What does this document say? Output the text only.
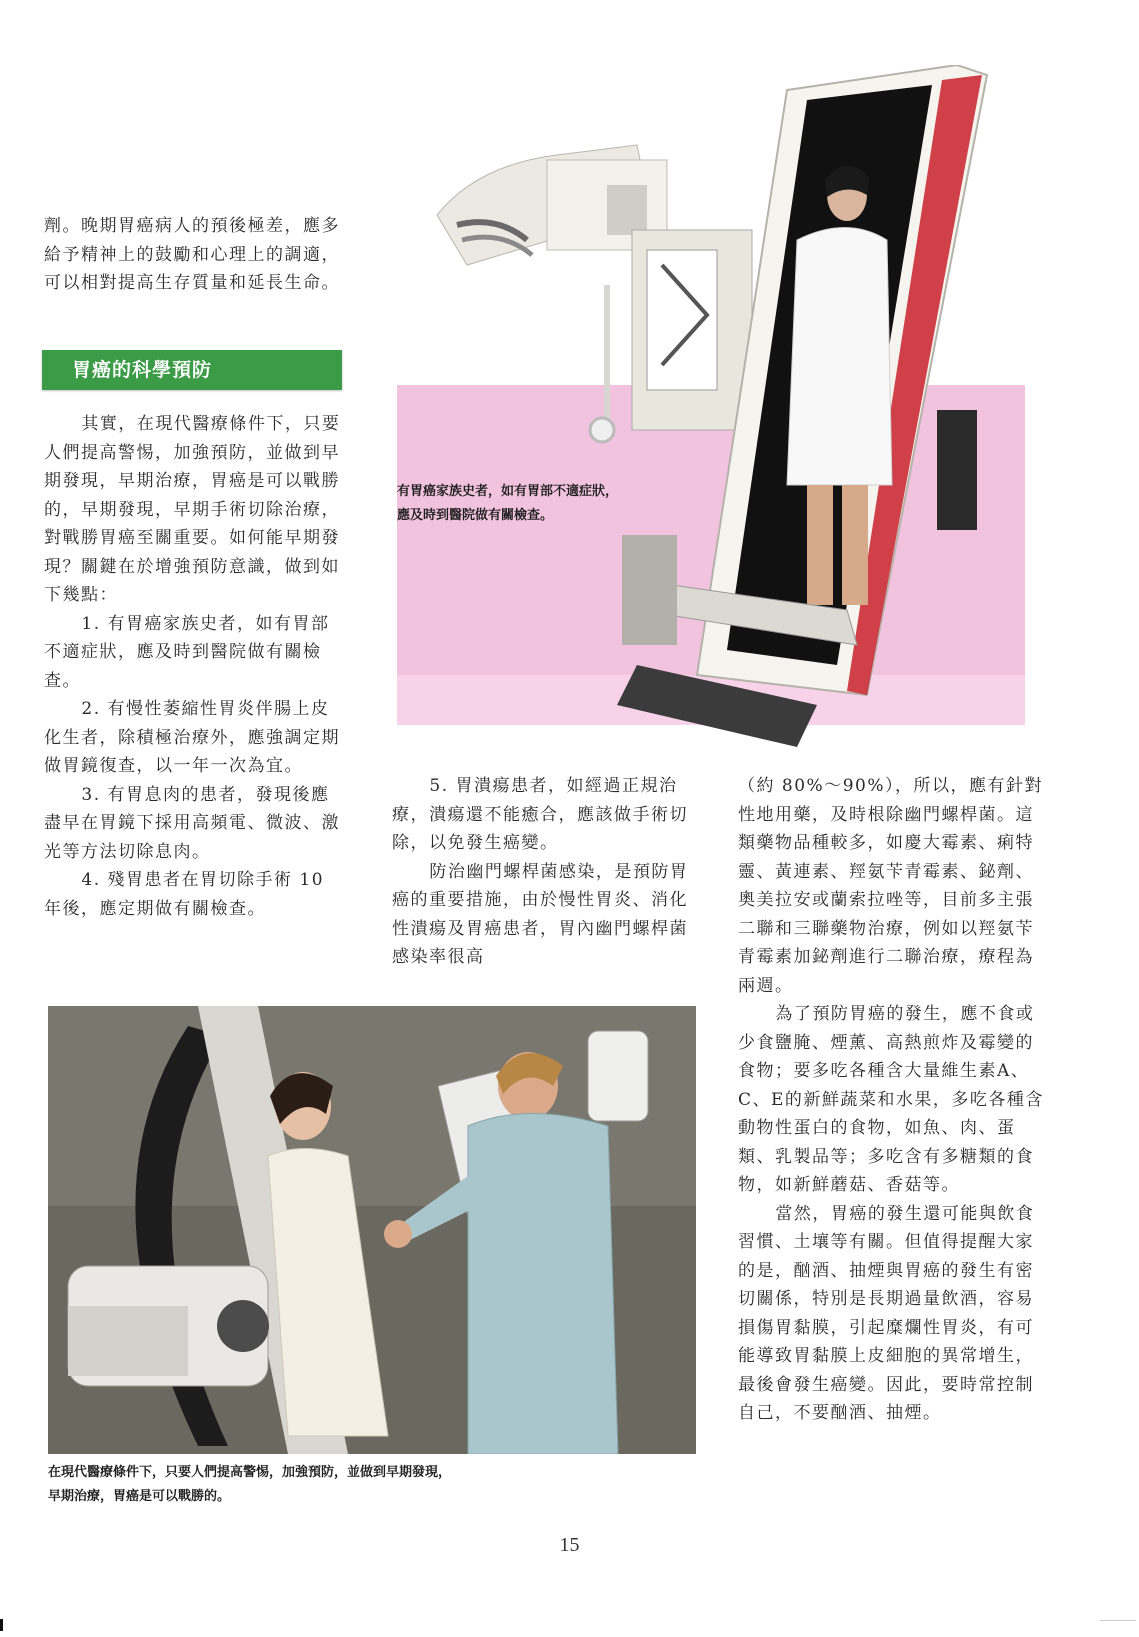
劑。晚期胃癌病人的預後極差，應多給予精神上的鼓勵和心理上的調適，可以相對提高生存質量和延長生命。

胃癌的科學預防

其實，在現代醫療條件下，只要人們提高警惕，加強預防，並做到早期發現，早期治療，胃癌是可以戰勝的，早期發現，早期手術切除治療，對戰勝胃癌至關重要。如何能早期發現？關鍵在於增強預防意識，做到如下幾點：

1. 有胃癌家族史者，如有胃部不適症狀，應及時到醫院做有關檢查。

2. 有慢性萎縮性胃炎伴腸上皮化生者，除積極治療外，應強調定期做胃鏡復查，以一年一次為宜。

3. 有胃息肉的患者，發現後應盡早在胃鏡下採用高頻電、微波、激光等方法切除息肉。

4. 殘胃患者在胃切除手術 10 年後，應定期做有關檢查。

有胃癌家族史者，如有胃部不適症狀，
應及時到醫院做有關檢查。

5. 胃潰瘍患者，如經過正規治療，潰瘍還不能癒合，應該做手術切除，以免發生癌變。

防治幽門螺桿菌感染，是預防胃癌的重要措施，由於慢性胃炎、消化性潰瘍及胃癌患者，胃內幽門螺桿菌感染率很高

（約 80%～90%），所以，應有針對性地用藥，及時根除幽門螺桿菌。這類藥物品種較多，如慶大霉素、痢特靈、黃連素、羥氨苄青霉素、鉍劑、奧美拉安或蘭索拉唑等，目前多主張二聯和三聯藥物治療，例如以羥氨苄青霉素加鉍劑進行二聯治療，療程為兩週。

為了預防胃癌的發生，應不食或少食鹽腌、煙薰、高熱煎炸及霉變的食物；要多吃各種含大量維生素A、C、E的新鮮蔬菜和水果，多吃各種含動物性蛋白的食物，如魚、肉、蛋類、乳製品等；多吃含有多糖類的食物，如新鮮蘑菇、香菇等。

當然，胃癌的發生還可能與飲食習慣、土壤等有關。但值得提醒大家的是，酗酒、抽煙與胃癌的發生有密切關係，特別是長期過量飲酒，容易損傷胃黏膜，引起糜爛性胃炎，有可能導致胃黏膜上皮細胞的異常增生，最後會發生癌變。因此，要時常控制自己，不要酗酒、抽煙。

在現代醫療條件下，只要人們提高警惕，加強預防，並做到早期發現，
早期治療，胃癌是可以戰勝的。
15
